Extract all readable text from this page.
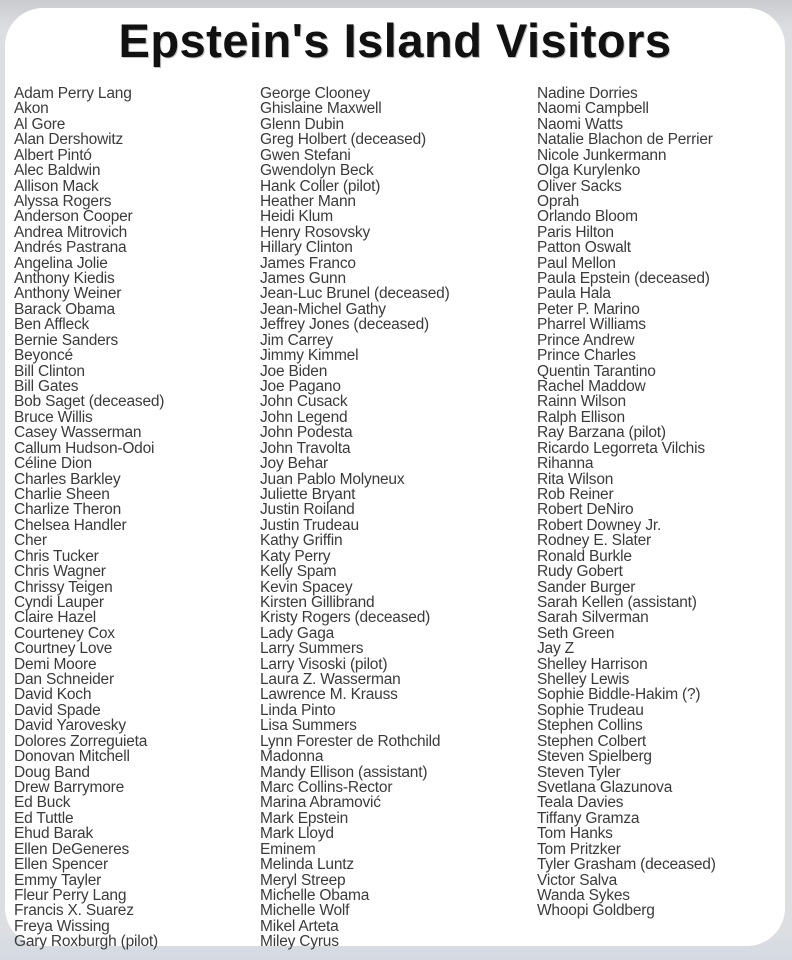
Epstein's Island Visitors
Adam Perry Lang
Akon
Al Gore
Alan Dershowitz
Albert Pintó
Alec Baldwin
Allison Mack
Alyssa Rogers
Anderson Cooper
Andrea Mitrovich
Andrés Pastrana
Angelina Jolie
Anthony Kiedis
Anthony Weiner
Barack Obama
Ben Affleck
Bernie Sanders
Beyoncé
Bill Clinton
Bill Gates
Bob Saget (deceased)
Bruce Willis
Casey Wasserman
Callum Hudson-Odoi
Céline Dion
Charles Barkley
Charlie Sheen
Charlize Theron
Chelsea Handler
Cher
Chris Tucker
Chris Wagner
Chrissy Teigen
Cyndi Lauper
Claire Hazel
Courteney Cox
Courtney Love
Demi Moore
Dan Schneider
David Koch
David Spade
David Yarovesky
Dolores Zorreguieta
Donovan Mitchell
Doug Band
Drew Barrymore
Ed Buck
Ed Tuttle
Ehud Barak
Ellen DeGeneres
Ellen Spencer
Emmy Tayler
Fleur Perry Lang
Francis X. Suarez
Freya Wissing
Gary Roxburgh (pilot)
George Clooney
Ghislaine Maxwell
Glenn Dubin
Greg Holbert (deceased)
Gwen Stefani
Gwendolyn Beck
Hank Coller (pilot)
Heather Mann
Heidi Klum
Henry Rosovsky
Hillary Clinton
James Franco
James Gunn
Jean-Luc Brunel (deceased)
Jean-Michel Gathy
Jeffrey Jones (deceased)
Jim Carrey
Jimmy Kimmel
Joe Biden
Joe Pagano
John Cusack
John Legend
John Podesta
John Travolta
Joy Behar
Juan Pablo Molyneux
Juliette Bryant
Justin Roiland
Justin Trudeau
Kathy Griffin
Katy Perry
Kelly Spam
Kevin Spacey
Kirsten Gillibrand
Kristy Rogers (deceased)
Lady Gaga
Larry Summers
Larry Visoski (pilot)
Laura Z. Wasserman
Lawrence M. Krauss
Linda Pinto
Lisa Summers
Lynn Forester de Rothchild
Madonna
Mandy Ellison (assistant)
Marc Collins-Rector
Marina Abramović
Mark Epstein
Mark Lloyd
Eminem
Melinda Luntz
Meryl Streep
Michelle Obama
Michelle Wolf
Mikel Arteta
Miley Cyrus
Nadine Dorries
Naomi Campbell
Naomi Watts
Natalie Blachon de Perrier
Nicole Junkermann
Olga Kurylenko
Oliver Sacks
Oprah
Orlando Bloom
Paris Hilton
Patton Oswalt
Paul Mellon
Paula Epstein (deceased)
Paula Hala
Peter P. Marino
Pharrel Williams
Prince Andrew
Prince Charles
Quentin Tarantino
Rachel Maddow
Rainn Wilson
Ralph Ellison
Ray Barzana (pilot)
Ricardo Legorreta Vilchis
Rihanna
Rita Wilson
Rob Reiner
Robert DeNiro
Robert Downey Jr.
Rodney E. Slater
Ronald Burkle
Rudy Gobert
Sander Burger
Sarah Kellen (assistant)
Sarah Silverman
Seth Green
Jay Z
Shelley Harrison
Shelley Lewis
Sophie Biddle-Hakim (?)
Sophie Trudeau
Stephen Collins
Stephen Colbert
Steven Spielberg
Steven Tyler
Svetlana Glazunova
Teala Davies
Tiffany Gramza
Tom Hanks
Tom Pritzker
Tyler Grasham (deceased)
Victor Salva
Wanda Sykes
Whoopi Goldberg
